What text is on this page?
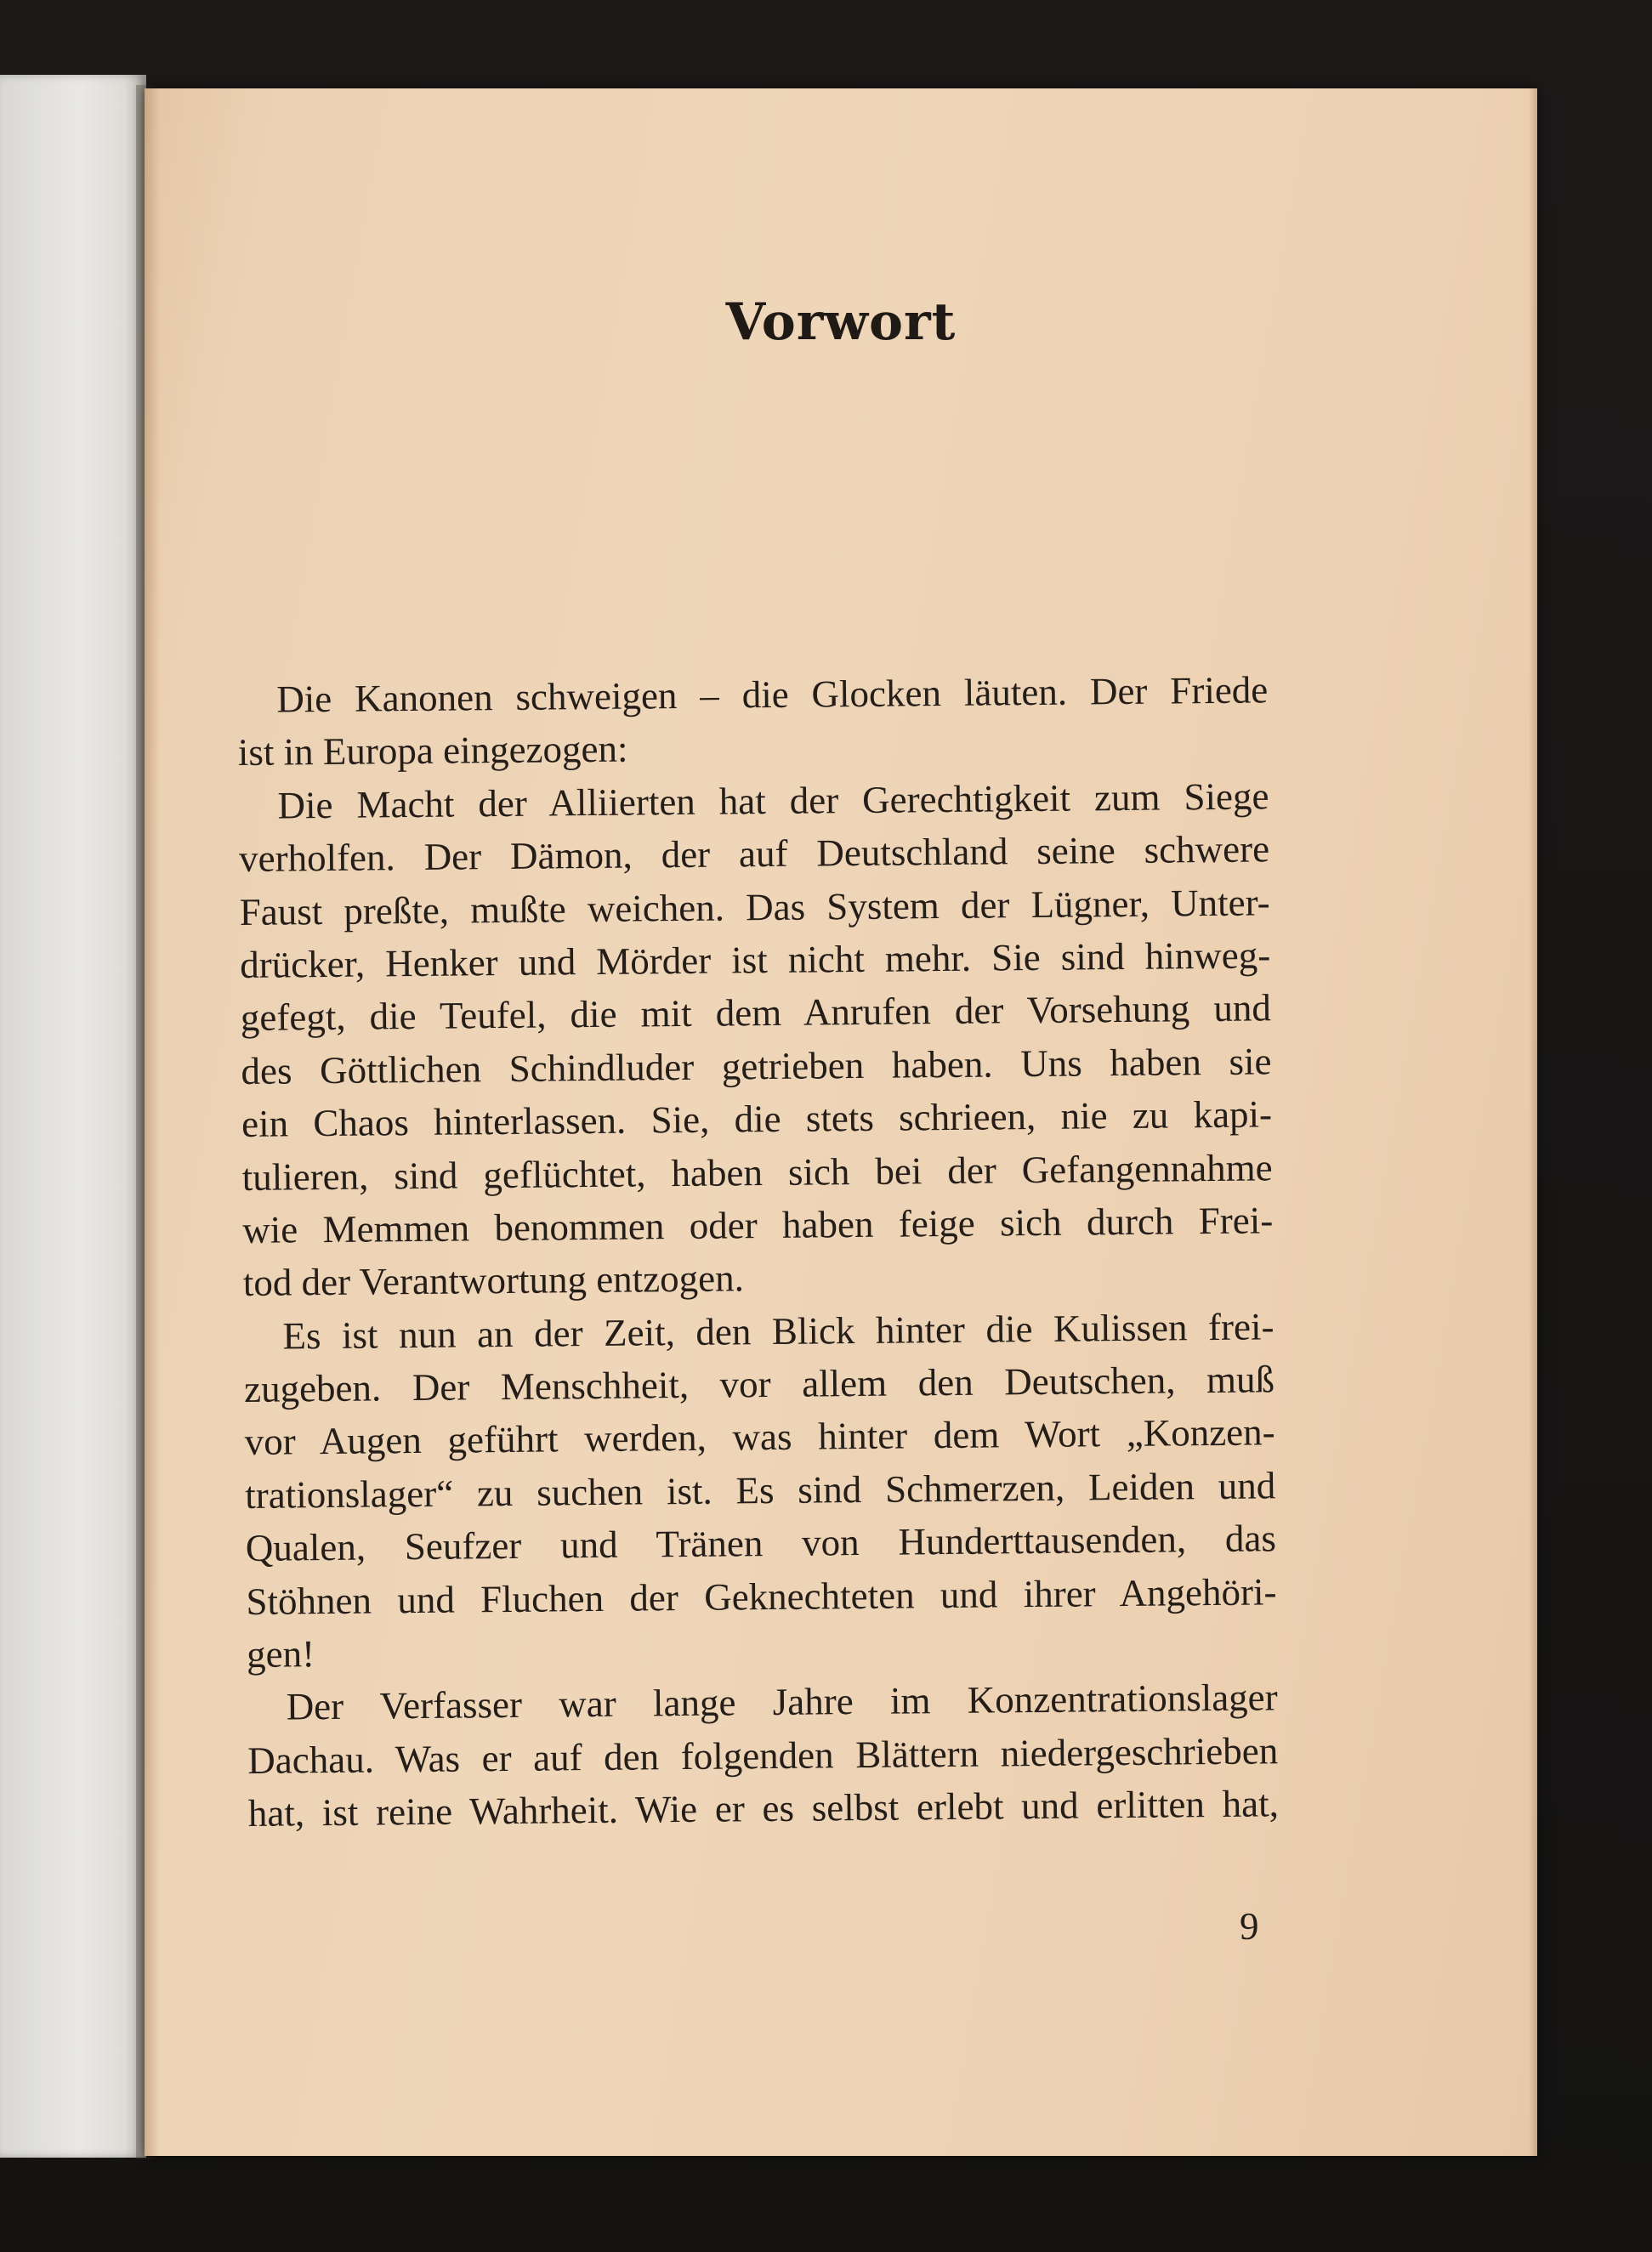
Vorwort
Die Kanonen schweigen – die Glocken läuten. Der Friede
ist in Europa eingezogen:
Die Macht der Alliierten hat der Gerechtigkeit zum Siege
verholfen. Der Dämon, der auf Deutschland seine schwere
Faust preßte, mußte weichen. Das System der Lügner, Unter-
drücker, Henker und Mörder ist nicht mehr. Sie sind hinweg-
gefegt, die Teufel, die mit dem Anrufen der Vorsehung und
des Göttlichen Schindluder getrieben haben. Uns haben sie
ein Chaos hinterlassen. Sie, die stets schrieen, nie zu kapi-
tulieren, sind geflüchtet, haben sich bei der Gefangennahme
wie Memmen benommen oder haben feige sich durch Frei-
tod der Verantwortung entzogen.
Es ist nun an der Zeit, den Blick hinter die Kulissen frei-
zugeben. Der Menschheit, vor allem den Deutschen, muß
vor Augen geführt werden, was hinter dem Wort „Konzen-
trationslager“ zu suchen ist. Es sind Schmerzen, Leiden und
Qualen, Seufzer und Tränen von Hunderttausenden, das
Stöhnen und Fluchen der Geknechteten und ihrer Angehöri-
gen!
Der Verfasser war lange Jahre im Konzentrationslager
Dachau. Was er auf den folgenden Blättern niedergeschrieben
hat, ist reine Wahrheit. Wie er es selbst erlebt und erlitten hat,

9
